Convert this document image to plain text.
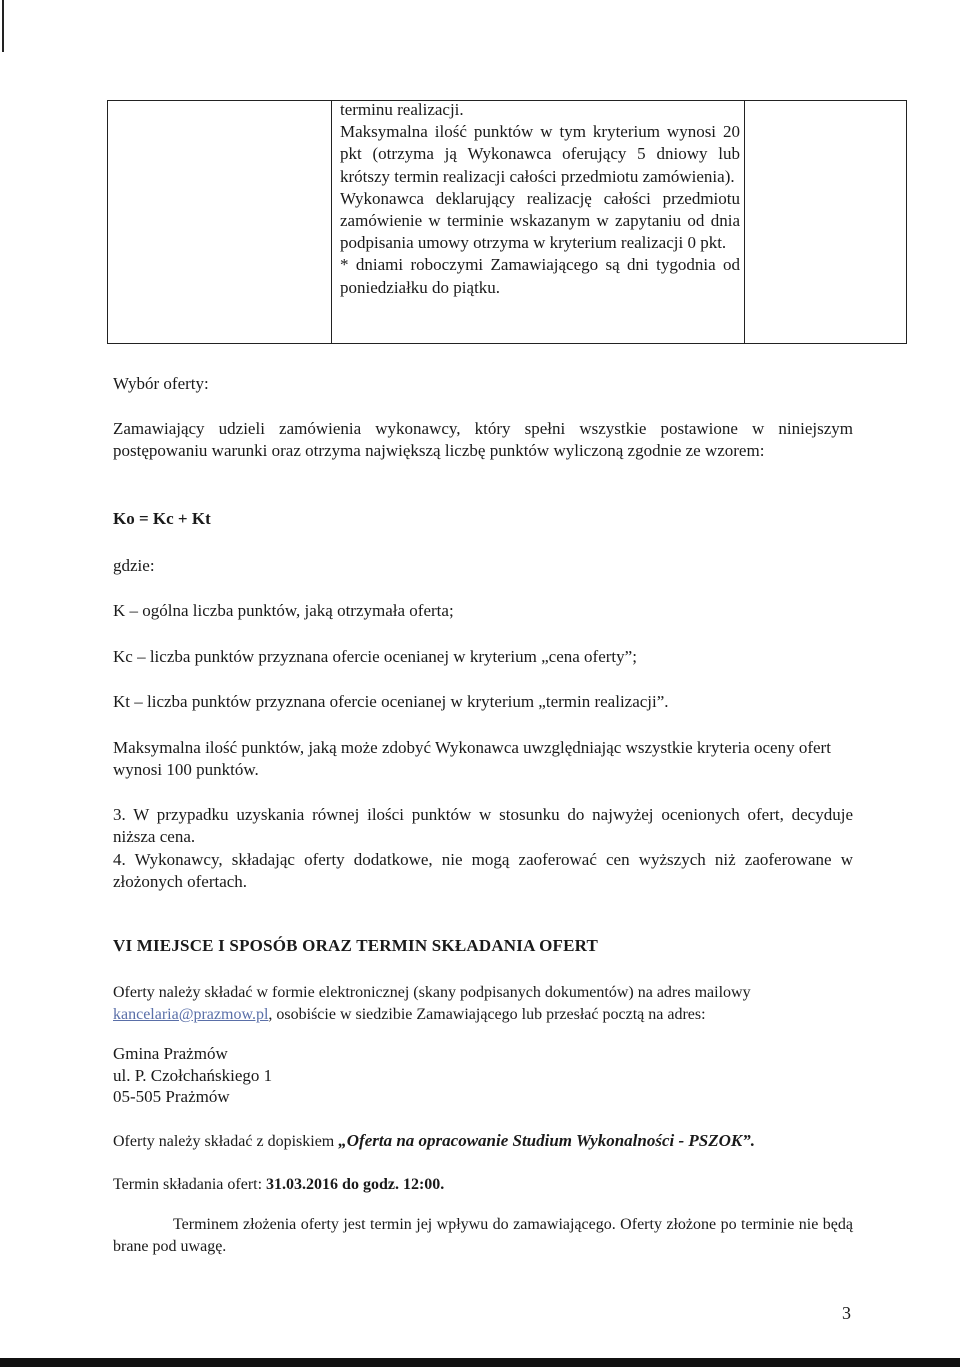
terminu realizacji.

Maksymalna ilość punktów w tym kryterium wynosi 20 pkt (otrzyma ją Wykonawca oferujący 5 dniowy lub krótszy termin realizacji całości przedmiotu zamówienia).

Wykonawca deklarujący realizację całości przedmiotu zamówienie w terminie wskazanym w zapytaniu od dnia podpisania umowy otrzyma w kryterium realizacji 0 pkt.

* dniami roboczymi Zamawiającego są dni tygodnia od poniedziałku do piątku.

Wybór oferty:

Zamawiający udzieli zamówienia wykonawcy, który spełni wszystkie postawione w niniejszym postępowaniu warunki oraz otrzyma największą liczbę punktów wyliczoną zgodnie ze wzorem:

Ko = Kc + Kt
gdzie:
K – ogólna liczba punktów, jaką otrzymała oferta;
Kc – liczba punktów przyznana ofercie ocenianej w kryterium „cena oferty”;
Kt – liczba punktów przyznana ofercie ocenianej w kryterium „termin realizacji”.

Maksymalna ilość punktów, jaką może zdobyć Wykonawca uwzględniając wszystkie kryteria oceny ofert wynosi 100 punktów.

3. W przypadku uzyskania równej ilości punktów w stosunku do najwyżej ocenionych ofert, decyduje niższa cena.

4. Wykonawcy, składając oferty dodatkowe, nie mogą zaoferować cen wyższych niż zaoferowane w złożonych ofertach.

VI MIEJSCE I SPOSÓB ORAZ TERMIN SKŁADANIA OFERT

Oferty należy składać w formie elektronicznej (skany podpisanych dokumentów) na adres mailowy

kancelaria@prazmow.pl, osobiście w siedzibie Zamawiającego lub przesłać pocztą na adres:

Gmina Prażmów

ul. P. Czołchańskiego 1

05-505 Prażmów

Oferty należy składać z dopiskiem „Oferta na opracowanie Studium Wykonalności - PSZOK”.
Termin składania ofert: 31.03.2016 do godz. 12:00.

Terminem złożenia oferty jest termin jej wpływu do zamawiającego. Oferty złożone po terminie nie będą brane pod uwagę.

3
